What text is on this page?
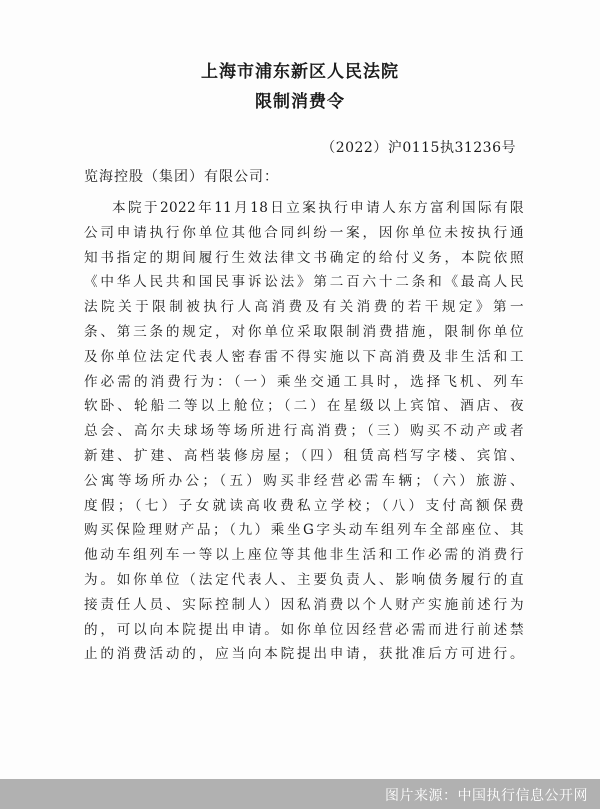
上海市浦东新区人民法院
限制消费令
（2022）沪0115执31236号
览海控股（集团）有限公司：
本院于2022年11月18日立案执行申请人东方富利国际有限
公司申请执行你单位其他合同纠纷一案，因你单位未按执行通
知书指定的期间履行生效法律文书确定的给付义务，本院依照
《中华人民共和国民事诉讼法》第二百六十二条和《最高人民
法院关于限制被执行人高消费及有关消费的若干规定》第一
条、第三条的规定，对你单位采取限制消费措施，限制你单位
及你单位法定代表人密春雷不得实施以下高消费及非生活和工
作必需的消费行为：（一）乘坐交通工具时，选择飞机、列车
软卧、轮船二等以上舱位；（二）在星级以上宾馆、酒店、夜
总会、高尔夫球场等场所进行高消费；（三）购买不动产或者
新建、扩建、高档装修房屋；（四）租赁高档写字楼、宾馆、
公寓等场所办公；（五）购买非经营必需车辆；（六）旅游、
度假；（七）子女就读高收费私立学校；（八）支付高额保费
购买保险理财产品；（九）乘坐G字头动车组列车全部座位、其
他动车组列车一等以上座位等其他非生活和工作必需的消费行
为。如你单位（法定代表人、主要负责人、影响债务履行的直
接责任人员、实际控制人）因私消费以个人财产实施前述行为
的，可以向本院提出申请。如你单位因经营必需而进行前述禁
止的消费活动的，应当向本院提出申请，获批准后方可进行。
图片来源：中国执行信息公开网
